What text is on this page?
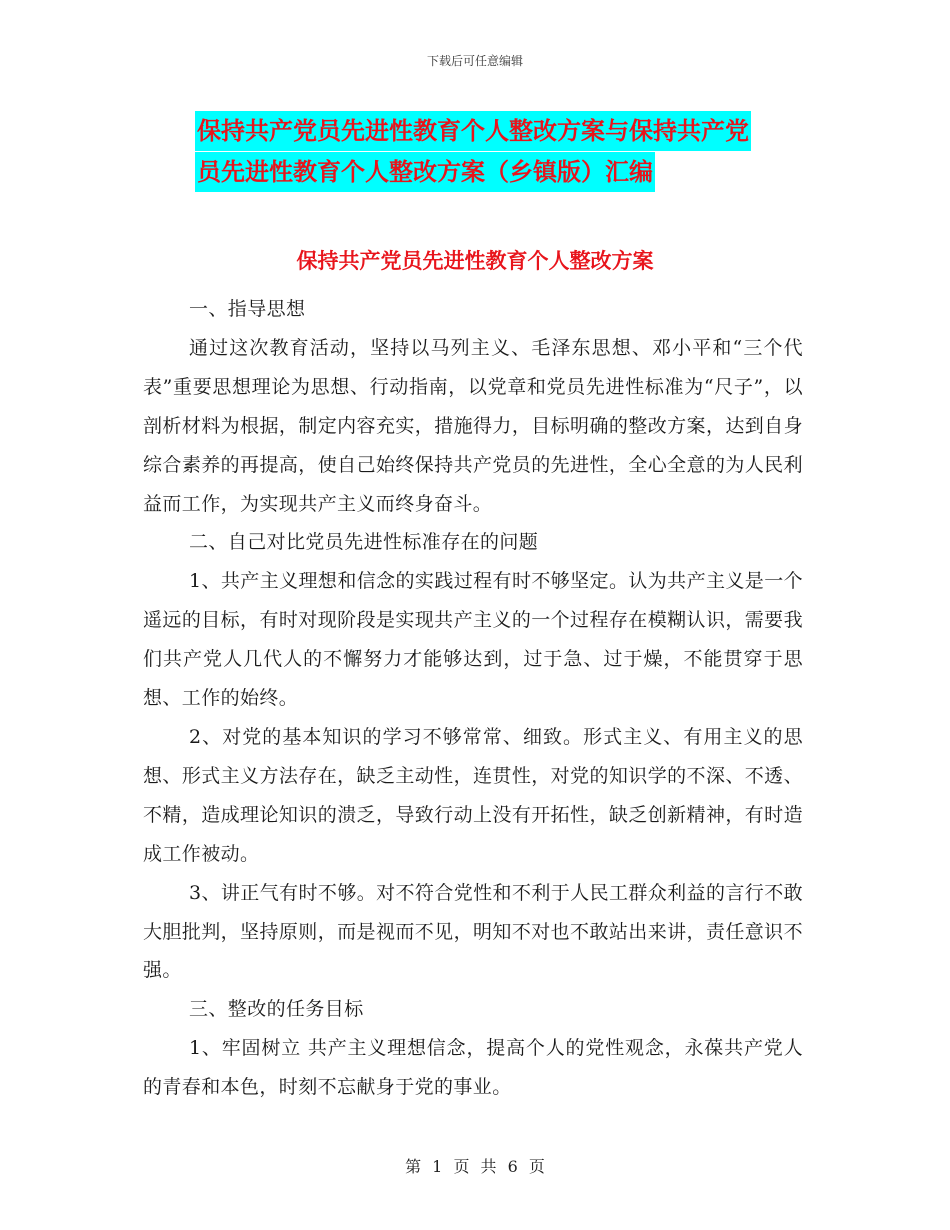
下载后可任意编辑
保持共产党员先进性教育个人整改方案与保持共产党
员先进性教育个人整改方案（乡镇版）汇编
保持共产党员先进性教育个人整改方案

一、指导思想

通过这次教育活动，坚持以马列主义、毛泽东思想、邓小平和“三个代表”重要思想理论为思想、行动指南，以党章和党员先进性标准为“尺子”，以剖析材料为根据，制定内容充实，措施得力，目标明确的整改方案，达到自身综合素养的再提高，使自己始终保持共产党员的先进性，全心全意的为人民利益而工作，为实现共产主义而终身奋斗。

二、自己对比党员先进性标准存在的问题

1、共产主义理想和信念的实践过程有时不够坚定。认为共产主义是一个遥远的目标，有时对现阶段是实现共产主义的一个过程存在模糊认识，需要我们共产党人几代人的不懈努力才能够达到，过于急、过于燥，不能贯穿于思想、工作的始终。

2、对党的基本知识的学习不够常常、细致。形式主义、有用主义的思想、形式主义方法存在，缺乏主动性，连贯性，对党的知识学的不深、不透、不精，造成理论知识的溃乏，导致行动上没有开拓性，缺乏创新精神，有时造成工作被动。

3、讲正气有时不够。对不符合党性和不利于人民工群众利益的言行不敢大胆批判，坚持原则，而是视而不见，明知不对也不敢站出来讲，责任意识不强。

三、整改的任务目标

1、牢固树立 共产主义理想信念，提高个人的党性观念，永葆共产党人的青春和本色，时刻不忘献身于党的事业。

第 1 页 共 6 页
